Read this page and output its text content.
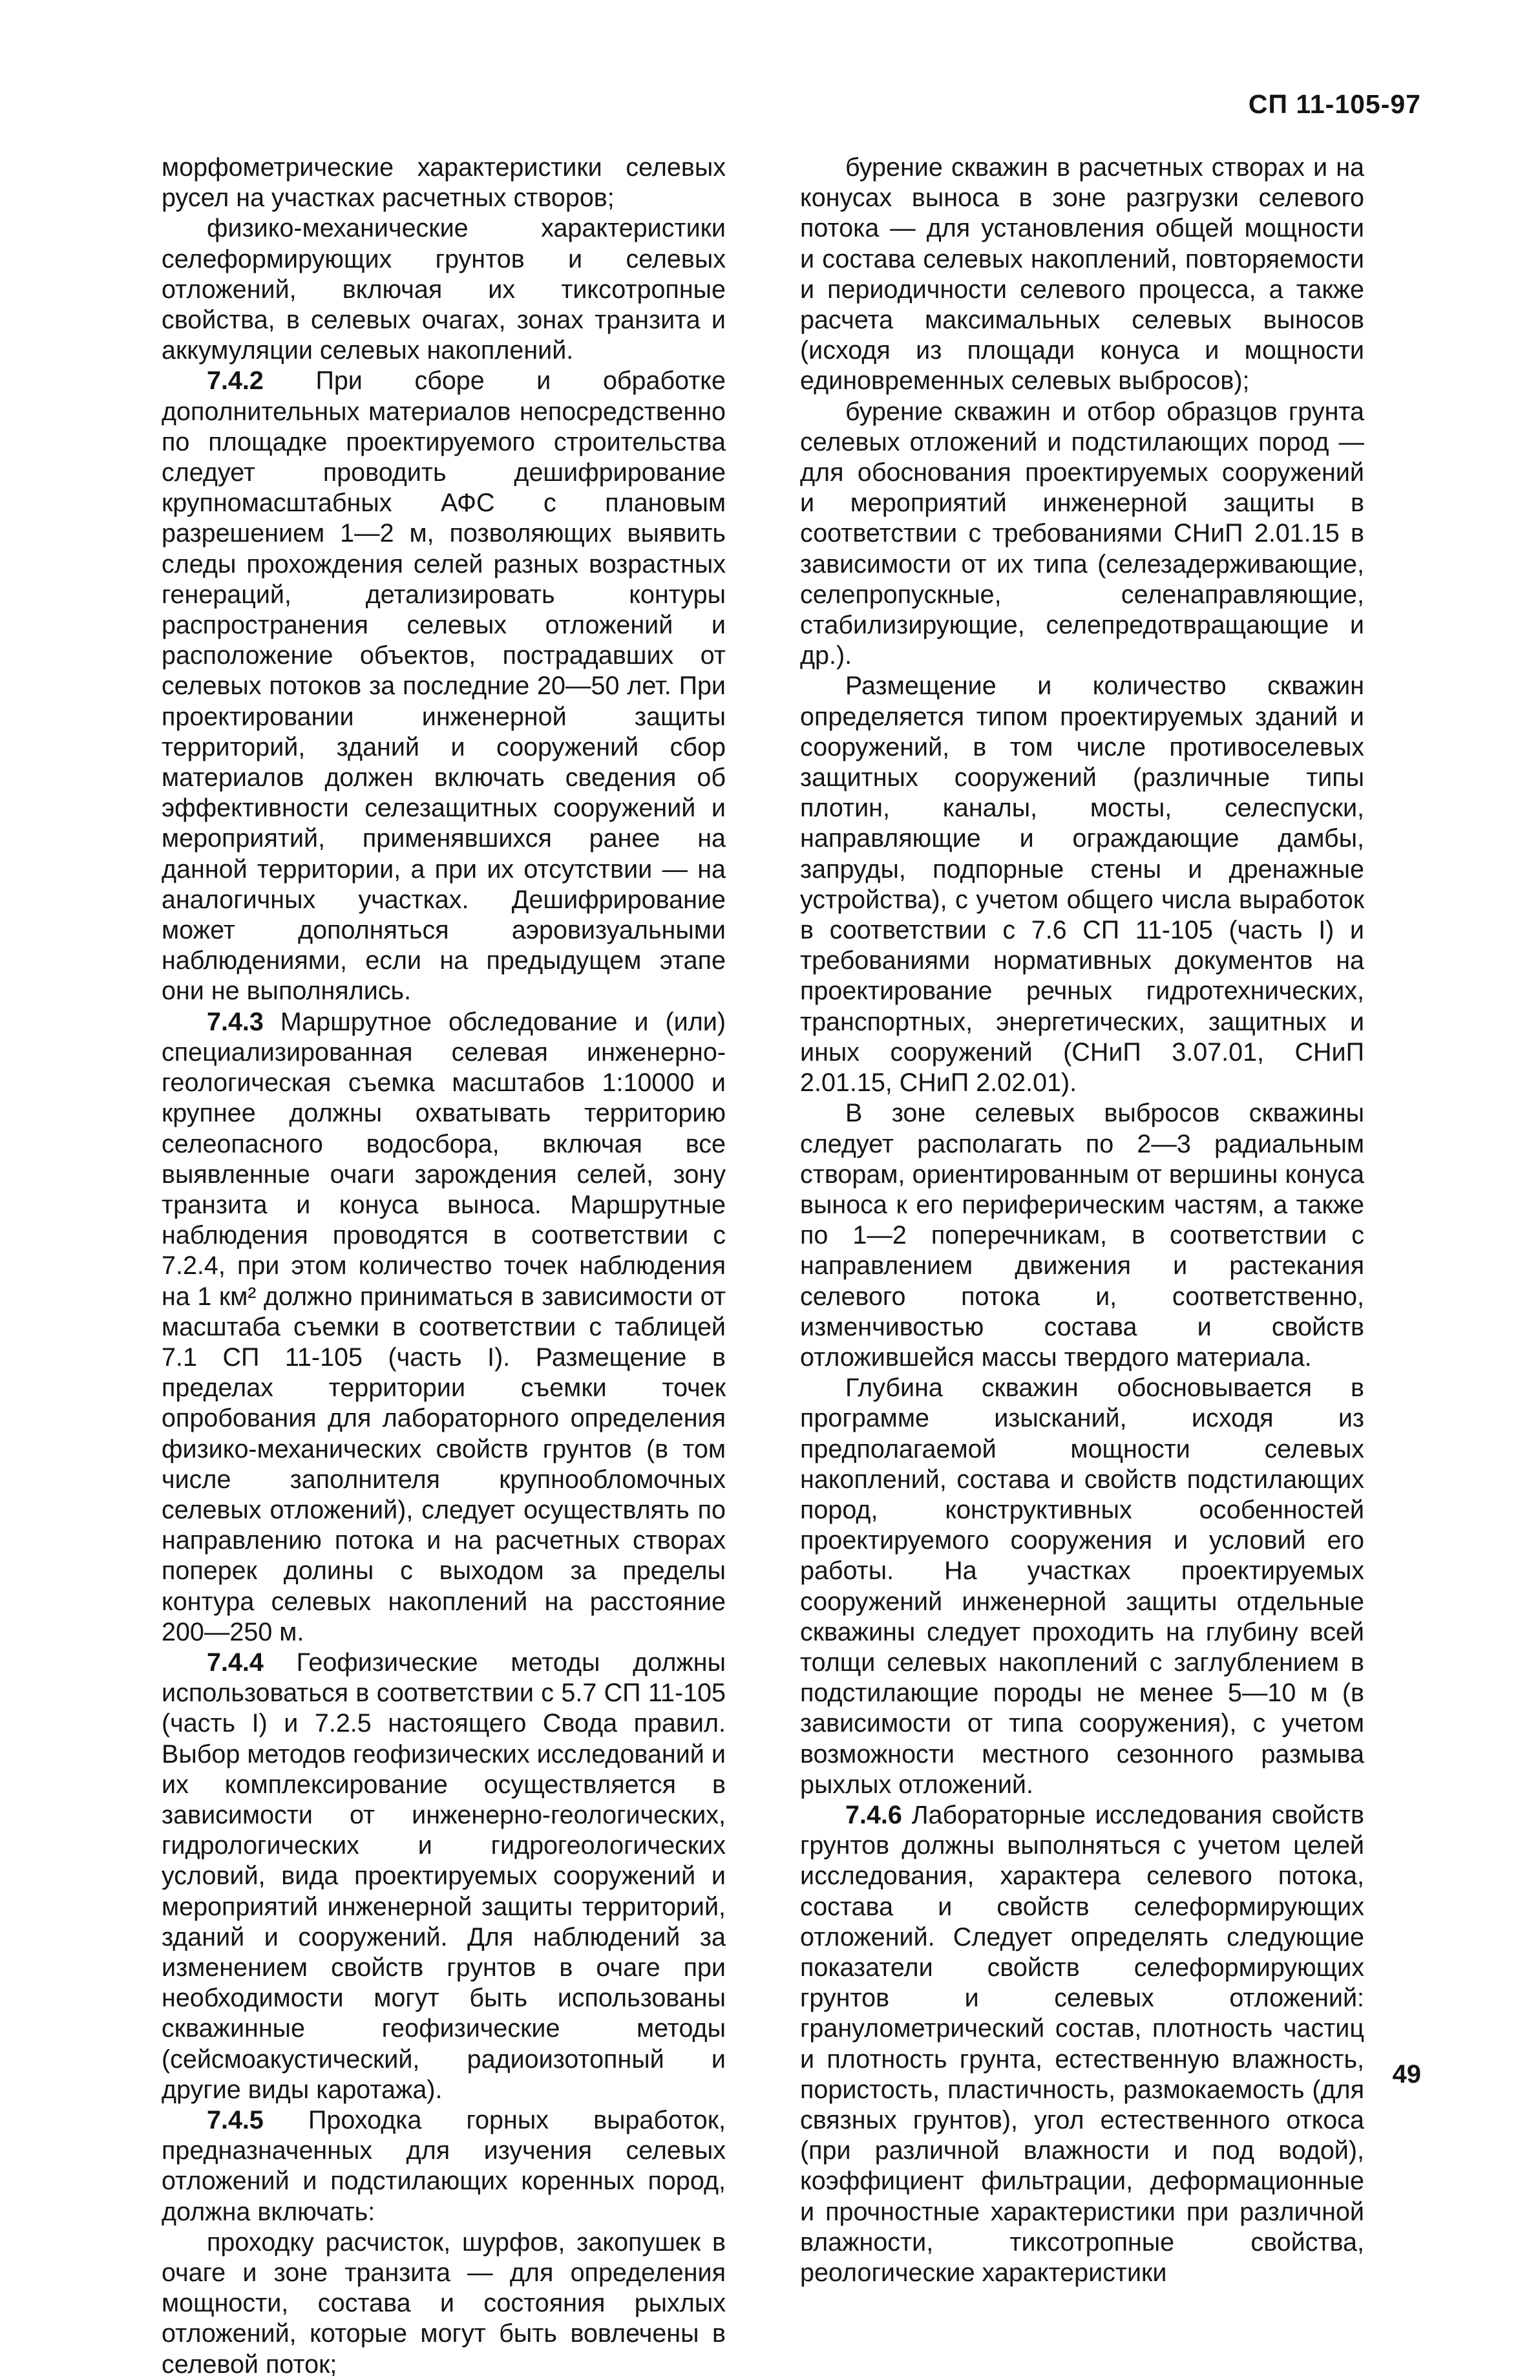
СП 11-105-97

морфометрические характеристики селевых русел на участках расчетных створов;

физико-механические характеристики селеформирующих грунтов и селевых отложений, включая их тиксотропные свойства, в селевых очагах, зонах транзита и аккумуляции селевых накоплений.

7.4.2 При сборе и обработке дополнительных материалов непосредственно по площадке проектируемого строительства следует проводить дешифрирование крупномасштабных АФС с плановым разрешением 1—2 м, позволяющих выявить следы прохождения селей разных возрастных генераций, детализировать контуры распространения селевых отложений и расположение объектов, пострадавших от селевых потоков за последние 20—50 лет. При проектировании инженерной защиты территорий, зданий и сооружений сбор материалов должен включать сведения об эффективности селезащитных сооружений и мероприятий, применявшихся ранее на данной территории, а при их отсутствии — на аналогичных участках. Дешифрирование может дополняться аэровизуальными наблюдениями, если на предыдущем этапе они не выполнялись.

7.4.3 Маршрутное обследование и (или) специализированная селевая инженерно-геологическая съемка масштабов 1:10000 и крупнее должны охватывать территорию селеопасного водосбора, включая все выявленные очаги зарождения селей, зону транзита и конуса выноса. Маршрутные наблюдения проводятся в соответствии с 7.2.4, при этом количество точек наблюдения на 1 км² должно приниматься в зависимости от масштаба съемки в соответствии с таблицей 7.1 СП 11-105 (часть I). Размещение в пределах территории съемки точек опробования для лабораторного определения физико-механических свойств грунтов (в том числе заполнителя крупнообломочных селевых отложений), следует осуществлять по направлению потока и на расчетных створах поперек долины с выходом за пределы контура селевых накоплений на расстояние 200—250 м.

7.4.4 Геофизические методы должны использоваться в соответствии с 5.7 СП 11-105 (часть I) и 7.2.5 настоящего Свода правил. Выбор методов геофизических исследований и их комплексирование осуществляется в зависимости от инженерно-геологических, гидрологических и гидрогеологических условий, вида проектируемых сооружений и мероприятий инженерной защиты территорий, зданий и сооружений. Для наблюдений за изменением свойств грунтов в очаге при необходимости могут быть использованы скважинные геофизические методы (сейсмоакустический, радиоизотопный и другие виды каротажа).

7.4.5 Проходка горных выработок, предназначенных для изучения селевых отложений и подстилающих коренных пород, должна включать:

проходку расчисток, шурфов, закопушек в очаге и зоне транзита — для определения мощности, состава и состояния рыхлых отложений, которые могут быть вовлечены в селевой поток;

бурение скважин в расчетных створах и на конусах выноса в зоне разгрузки селевого потока — для установления общей мощности и состава селевых накоплений, повторяемости и периодичности селевого процесса, а также расчета максимальных селевых выносов (исходя из площади конуса и мощности единовременных селевых выбросов);

бурение скважин и отбор образцов грунта селевых отложений и подстилающих пород — для обоснования проектируемых сооружений и мероприятий инженерной защиты в соответствии с требованиями СНиП 2.01.15 в зависимости от их типа (селезадерживающие, селепропускные, селенаправляющие, стабилизирующие, селепредотвращающие и др.).

Размещение и количество скважин определяется типом проектируемых зданий и сооружений, в том числе противоселевых защитных сооружений (различные типы плотин, каналы, мосты, селеспуски, направляющие и ограждающие дамбы, запруды, подпорные стены и дренажные устройства), с учетом общего числа выработок в соответствии с 7.6 СП 11-105 (часть I) и требованиями нормативных документов на проектирование речных гидротехнических, транспортных, энергетических, защитных и иных сооружений (СНиП 3.07.01, СНиП 2.01.15, СНиП 2.02.01).

В зоне селевых выбросов скважины следует располагать по 2—3 радиальным створам, ориентированным от вершины конуса выноса к его периферическим частям, а также по 1—2 поперечникам, в соответствии с направлением движения и растекания селевого потока и, соответственно, изменчивостью состава и свойств отложившейся массы твердого материала.

Глубина скважин обосновывается в программе изысканий, исходя из предполагаемой мощности селевых накоплений, состава и свойств подстилающих пород, конструктивных особенностей проектируемого сооружения и условий его работы. На участках проектируемых сооружений инженерной защиты отдельные скважины следует проходить на глубину всей толщи селевых накоплений с заглублением в подстилающие породы не менее 5—10 м (в зависимости от типа сооружения), с учетом возможности местного сезонного размыва рыхлых отложений.

7.4.6 Лабораторные исследования свойств грунтов должны выполняться с учетом целей исследования, характера селевого потока, состава и свойств селеформирующих отложений. Следует определять следующие показатели свойств селеформирующих грунтов и селевых отложений: гранулометрический состав, плотность частиц и плотность грунта, естественную влажность, пористость, пластичность, размокаемость (для связных грунтов), угол естественного откоса (при различной влажности и под водой), коэффициент фильтрации, деформационные и прочностные характеристики при различной влажности, тиксотропные свойства, реологические характеристики

49
